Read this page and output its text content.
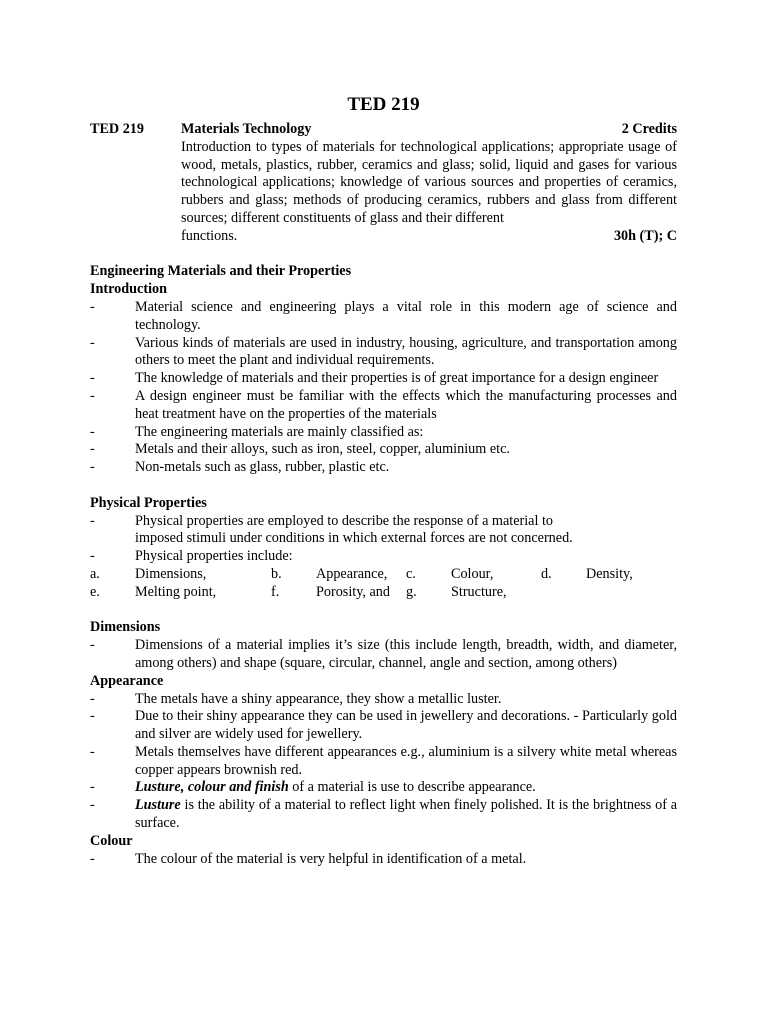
TED 219
TED 219	Materials Technology	2 Credits
Introduction to types of materials for technological applications; appropriate usage of wood, metals, plastics, rubber, ceramics and glass; solid, liquid and gases for various technological applications; knowledge of various sources and properties of ceramics, rubbers and glass; methods of producing ceramics, rubbers and glass from different sources; different constituents of glass and their different
functions.	30h (T); C
Engineering Materials and their Properties
Introduction
-	Material science and engineering plays a vital role in this modern age of science and technology.
-	Various kinds of materials are used in industry, housing, agriculture, and transportation among others to meet the plant and individual requirements.
-	The knowledge of materials and their properties is of great importance for a design engineer
-	A design engineer must be familiar with the effects which the manufacturing processes and heat treatment have on the properties of the materials
-	The engineering materials are mainly classified as:
-	Metals and their alloys, such as iron, steel, copper, aluminium etc.
-	Non-metals such as glass, rubber, plastic etc.
Physical Properties
-	Physical properties are employed to describe the response of a material to
imposed stimuli under conditions in which external forces are not concerned.
-	Physical properties include:
a.	Dimensions,	b.	Appearance,	c.	Colour,	d.	Density,
e.	Melting point,	f.	Porosity, and	g.	Structure,
Dimensions
-	Dimensions of a material implies it’s size (this include length, breadth, width, and diameter, among others) and shape (square, circular, channel, angle and section, among others)
Appearance
-	The metals have a shiny appearance, they show a metallic luster.
-	Due to their shiny appearance they can be used in jewellery and decorations. - Particularly gold and silver are widely used for jewellery.
-	Metals themselves have different appearances e.g., aluminium is a silvery white metal whereas copper appears brownish red.
-	Lusture, colour and finish of a material is use to describe appearance.
-	Lusture is the ability of a material to reflect light when finely polished. It is the brightness of a surface.
Colour
-	The colour of the material is very helpful in identification of a metal.
